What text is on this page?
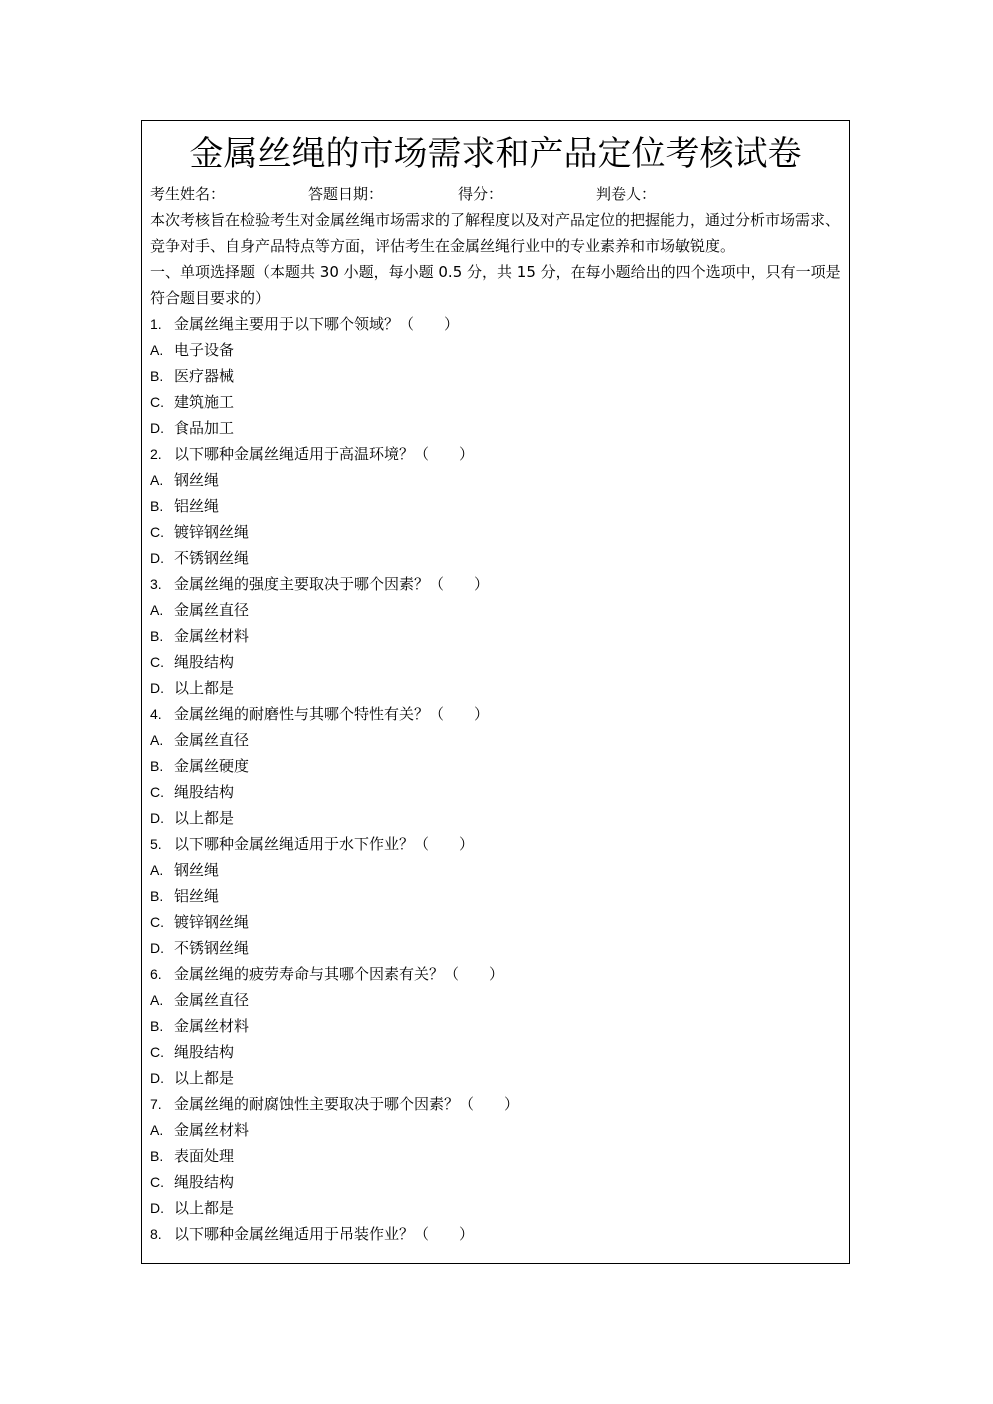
金属丝绳的市场需求和产品定位考核试卷
考生姓名：	答题日期：	得分：	判卷人：
本次考核旨在检验考生对金属丝绳市场需求的了解程度以及对产品定位的把握能力，通过分析市场需求、竞争对手、自身产品特点等方面，评估考生在金属丝绳行业中的专业素养和市场敏锐度。
一、单项选择题（本题共 30 小题，每小题 0.5 分，共 15 分，在每小题给出的四个选项中，只有一项是符合题目要求的）
1. 金属丝绳主要用于以下哪个领域？（　　）
A. 电子设备
B. 医疗器械
C. 建筑施工
D. 食品加工
2. 以下哪种金属丝绳适用于高温环境？（　　）
A. 钢丝绳
B. 铝丝绳
C. 镀锌钢丝绳
D. 不锈钢丝绳
3. 金属丝绳的强度主要取决于哪个因素？（　　）
A. 金属丝直径
B. 金属丝材料
C. 绳股结构
D. 以上都是
4. 金属丝绳的耐磨性与其哪个特性有关？（　　）
A. 金属丝直径
B. 金属丝硬度
C. 绳股结构
D. 以上都是
5. 以下哪种金属丝绳适用于水下作业？（　　）
A. 钢丝绳
B. 铝丝绳
C. 镀锌钢丝绳
D. 不锈钢丝绳
6. 金属丝绳的疲劳寿命与其哪个因素有关？（　　）
A. 金属丝直径
B. 金属丝材料
C. 绳股结构
D. 以上都是
7. 金属丝绳的耐腐蚀性主要取决于哪个因素？（　　）
A. 金属丝材料
B. 表面处理
C. 绳股结构
D. 以上都是
8. 以下哪种金属丝绳适用于吊装作业？（　　）
